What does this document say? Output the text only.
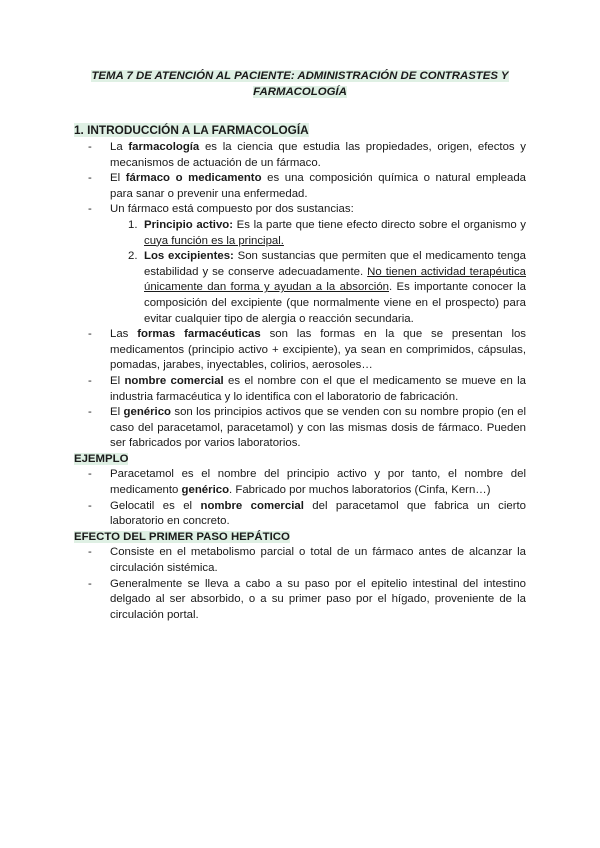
TEMA 7 DE ATENCIÓN AL PACIENTE: ADMINISTRACIÓN DE CONTRASTES Y FARMACOLOGÍA

1. INTRODUCCIÓN A LA FARMACOLOGÍA

- La farmacología es la ciencia que estudia las propiedades, origen, efectos y mecanismos de actuación de un fármaco.
- El fármaco o medicamento es una composición química o natural empleada para sanar o prevenir una enfermedad.
- Un fármaco está compuesto por dos sustancias:
1. Principio activo: Es la parte que tiene efecto directo sobre el organismo y cuya función es la principal.
2. Los excipientes: Son sustancias que permiten que el medicamento tenga estabilidad y se conserve adecuadamente. No tienen actividad terapéutica únicamente dan forma y ayudan a la absorción. Es importante conocer la composición del excipiente (que normalmente viene en el prospecto) para evitar cualquier tipo de alergia o reacción secundaria.
- Las formas farmacéuticas son las formas en la que se presentan los medicamentos (principio activo + excipiente), ya sean en comprimidos, cápsulas, pomadas, jarabes, inyectables, colirios, aerosoles…
- El nombre comercial es el nombre con el que el medicamento se mueve en la industria farmacéutica y lo identifica con el laboratorio de fabricación.
- El genérico son los principios activos que se venden con su nombre propio (en el caso del paracetamol, paracetamol) y con las mismas dosis de fármaco. Pueden ser fabricados por varios laboratorios.

EJEMPLO

- Paracetamol es el nombre del principio activo y por tanto, el nombre del medicamento genérico. Fabricado por muchos laboratorios (Cinfa, Kern…)
- Gelocatil es el nombre comercial del paracetamol que fabrica un cierto laboratorio en concreto.

EFECTO DEL PRIMER PASO HEPÁTICO

- Consiste en el metabolismo parcial o total de un fármaco antes de alcanzar la circulación sistémica.
- Generalmente se lleva a cabo a su paso por el epitelio intestinal del intestino delgado al ser absorbido, o a su primer paso por el hígado, proveniente de la circulación portal.
